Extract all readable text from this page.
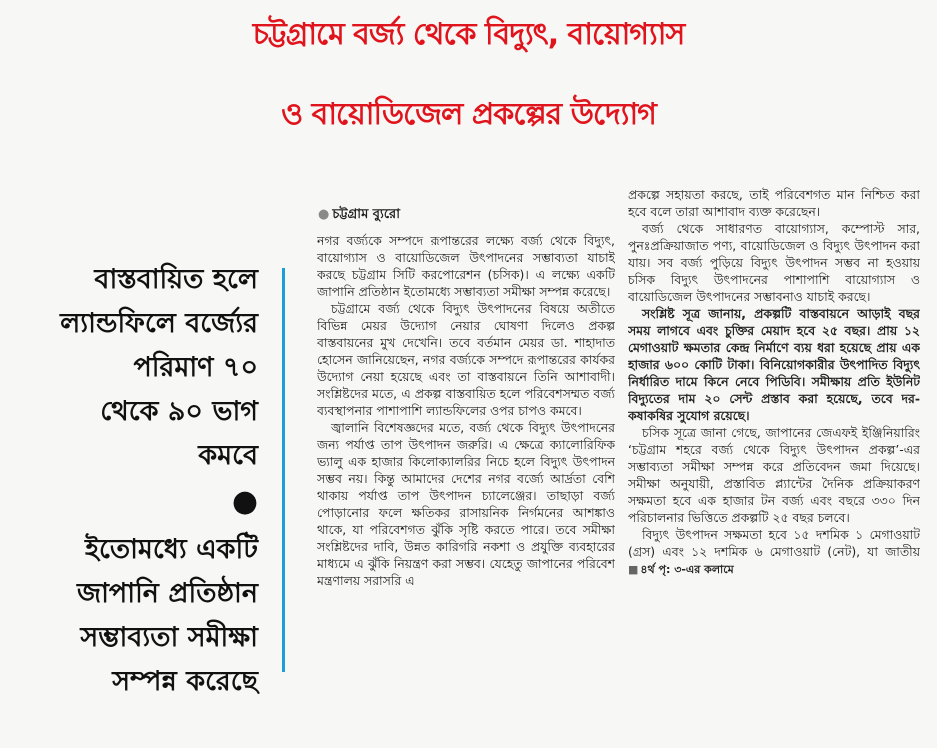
চট্টগ্রামে বর্জ্য থেকে বিদ্যুৎ, বায়োগ্যাস
ও বায়োডিজেল প্রকল্পের উদ্যোগ
বাস্তবায়িত হলে
ল্যান্ডফিলে বর্জ্যের
পরিমাণ ৭০
থেকে ৯০ ভাগ
কমবে
●
ইতোমধ্যে একটি
জাপানি প্রতিষ্ঠান
সম্ভাব্যতা সমীক্ষা
সম্পন্ন করেছে
● চট্টগ্রাম ব্যুরো

নগর বর্জ্যকে সম্পদে রূপান্তরের লক্ষ্যে বর্জ্য থেকে বিদ্যুৎ, বায়োগ্যাস ও বায়োডিজেল উৎপাদনের সম্ভাব্যতা যাচাই করছে চট্টগ্রাম সিটি করপোরেশন (চসিক)। এ লক্ষ্যে একটি জাপানি প্রতিষ্ঠান ইতোমধ্যে সম্ভাব্যতা সমীক্ষা সম্পন্ন করেছে।

চট্টগ্রামে বর্জ্য থেকে বিদ্যুৎ উৎপাদনের বিষয়ে অতীতে বিভিন্ন মেয়র উদ্যোগ নেয়ার ঘোষণা দিলেও প্রকল্প বাস্তবায়নের মুখ দেখেনি। তবে বর্তমান মেয়র ডা. শাহাদাত হোসেন জানিয়েছেন, নগর বর্জ্যকে সম্পদে রূপান্তরের কার্যকর উদ্যোগ নেয়া হয়েছে এবং তা বাস্তবায়নে তিনি আশাবাদী। সংশ্লিষ্টদের মতে, এ প্রকল্প বাস্তবায়িত হলে পরিবেশসম্মত বর্জ্য ব্যবস্থাপনার পাশাপাশি ল্যান্ডফিলের ওপর চাপও কমবে।

জ্বালানি বিশেষজ্ঞদের মতে, বর্জ্য থেকে বিদ্যুৎ উৎপাদনের জন্য পর্যাপ্ত তাপ উৎপাদন জরুরি। এ ক্ষেত্রে ক্যালোরিফিক ভ্যালু এক হাজার কিলোক্যালরির নিচে হলে বিদ্যুৎ উৎপাদন সম্ভব নয়। কিন্তু আমাদের দেশের নগর বর্জ্যে আর্দ্রতা বেশি থাকায় পর্যাপ্ত তাপ উৎপাদন চ্যালেঞ্জের। তাছাড়া বর্জ্য পোড়ানোর ফলে ক্ষতিকর রাসায়নিক নির্গমনের আশঙ্কাও থাকে, যা পরিবেশগত ঝুঁকি সৃষ্টি করতে পারে। তবে সমীক্ষা সংশ্লিষ্টদের দাবি, উন্নত কারিগরি নকশা ও প্রযুক্তি ব্যবহারের মাধ্যমে এ ঝুঁকি নিয়ন্ত্রণ করা সম্ভব। যেহেতু জাপানের পরিবেশ মন্ত্রণালয় সরাসরি এ

প্রকল্পে সহায়তা করছে, তাই পরিবেশগত মান নিশ্চিত করা হবে বলে তারা আশাবাদ ব্যক্ত করেছেন।

বর্জ্য থেকে সাধারণত বায়োগ্যাস, কম্পোস্ট সার, পুনঃপ্রক্রিয়াজাত পণ্য, বায়োডিজেল ও বিদ্যুৎ উৎপাদন করা যায়। সব বর্জ্য পুড়িয়ে বিদ্যুৎ উৎপাদন সম্ভব না হওয়ায় চসিক বিদ্যুৎ উৎপাদনের পাশাপাশি বায়োগ্যাস ও বায়োডিজেল উৎপাদনের সম্ভাবনাও যাচাই করছে।

সংশ্লিষ্ট সূত্র জানায়, প্রকল্পটি বাস্তবায়নে আড়াই বছর সময় লাগবে এবং চুক্তির মেয়াদ হবে ২৫ বছর। প্রায় ১২ মেগাওয়াট ক্ষমতার কেন্দ্র নির্মাণে ব্যয় ধরা হয়েছে প্রায় এক হাজার ৬০০ কোটি টাকা। বিনিয়োগকারীর উৎপাদিত বিদ্যুৎ নির্ধারিত দামে কিনে নেবে পিডিবি। সমীক্ষায় প্রতি ইউনিট বিদ্যুতের দাম ২০ সেন্ট প্রস্তাব করা হয়েছে, তবে দর-কষাকষির সুযোগ রয়েছে।

চসিক সূত্রে জানা গেছে, জাপানের জেএফই ইঞ্জিনিয়ারিং ‘চট্টগ্রাম শহরে বর্জ্য থেকে বিদ্যুৎ উৎপাদন প্রকল্প’-এর সম্ভাব্যতা সমীক্ষা সম্পন্ন করে প্রতিবেদন জমা দিয়েছে। সমীক্ষা অনুযায়ী, প্রস্তাবিত প্ল্যান্টের দৈনিক প্রক্রিয়াকরণ সক্ষমতা হবে এক হাজার টন বর্জ্য এবং বছরে ৩৩০ দিন পরিচালনার ভিত্তিতে প্রকল্পটি ২৫ বছর চলবে।

বিদ্যুৎ উৎপাদন সক্ষমতা হবে ১৫ দশমিক ১ মেগাওয়াট (গ্রস) এবং ১২ দশমিক ৬ মেগাওয়াট (নেট), যা জাতীয় ■ ৪র্থ পৃ: ৩-এর কলামে
